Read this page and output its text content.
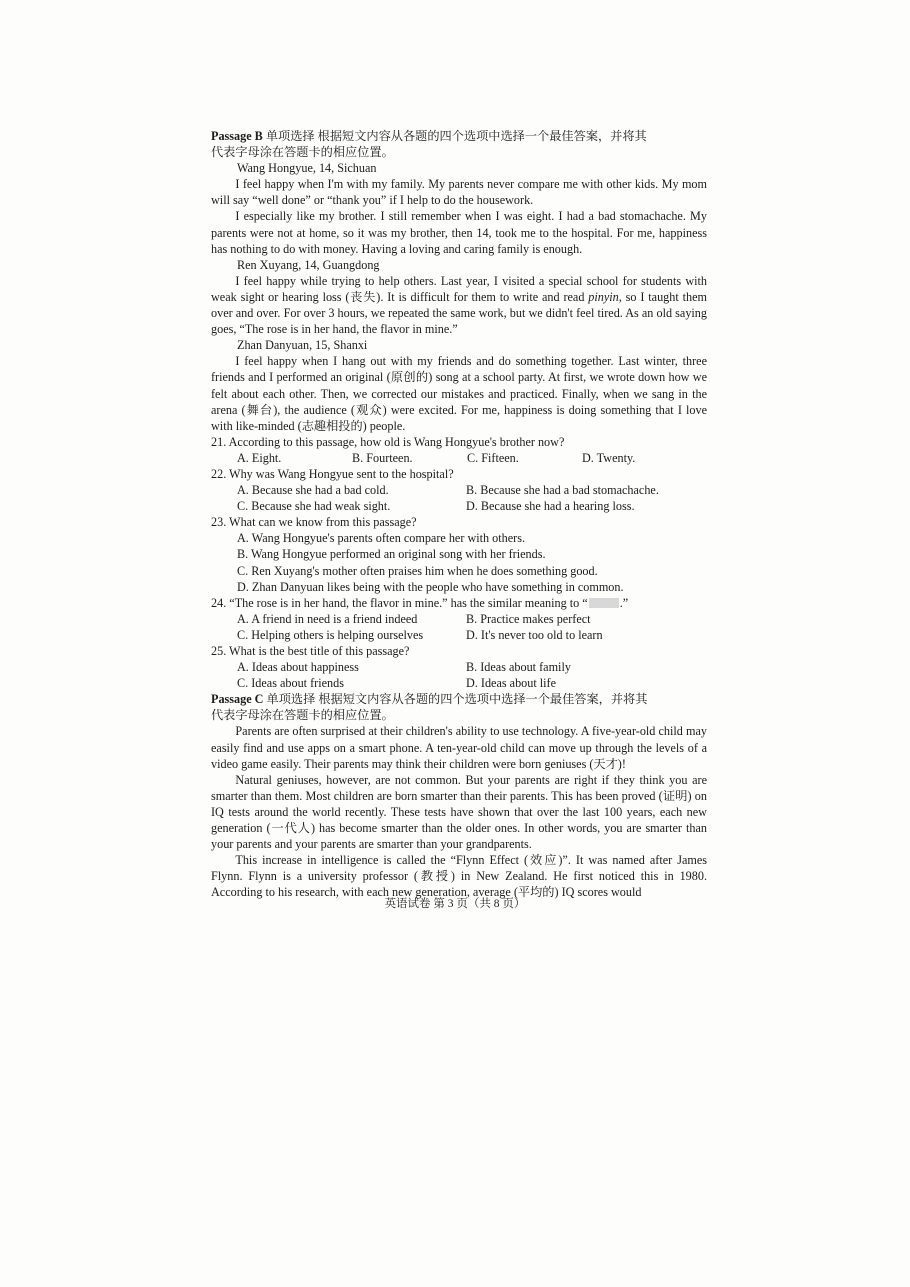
Passage B 单项选择 根据短文内容从各题的四个选项中选择一个最佳答案，并将其

代表字母涂在答题卡的相应位置。

Wang Hongyue, 14, Sichuan

I feel happy when I'm with my family. My parents never compare me with other kids. My mom will say “well done” or “thank you” if I help to do the housework.

I especially like my brother. I still remember when I was eight. I had a bad stomachache. My parents were not at home, so it was my brother, then 14, took me to the hospital. For me, happiness has nothing to do with money. Having a loving and caring family is enough.

Ren Xuyang, 14, Guangdong

I feel happy while trying to help others. Last year, I visited a special school for students with weak sight or hearing loss (丧失). It is difficult for them to write and read pinyin, so I taught them over and over. For over 3 hours, we repeated the same work, but we didn't feel tired. As an old saying goes, “The rose is in her hand, the flavor in mine.”

Zhan Danyuan, 15, Shanxi

I feel happy when I hang out with my friends and do something together. Last winter, three friends and I performed an original (原创的) song at a school party. At first, we wrote down how we felt about each other. Then, we corrected our mistakes and practiced. Finally, when we sang in the arena (舞台), the audience (观众) were excited. For me, happiness is doing something that I love with like-minded (志趣相投的) people.

21. According to this passage, how old is Wang Hongyue's brother now?

A. Eight.	B. Fourteen.	C. Fifteen.	D. Twenty.

22. Why was Wang Hongyue sent to the hospital?

A. Because she had a bad cold.	B. Because she had a bad stomachache.
C. Because she had weak sight.	D. Because she had a hearing loss.

23. What can we know from this passage?

A. Wang Hongyue's parents often compare her with others.

B. Wang Hongyue performed an original song with her friends.

C. Ren Xuyang's mother often praises him when he does something good.

D. Zhan Danyuan likes being with the people who have something in common.

24. “The rose is in her hand, the flavor in mine.” has the similar meaning to “	.”

A. A friend in need is a friend indeed	B. Practice makes perfect
C. Helping others is helping ourselves	D. It's never too old to learn

25. What is the best title of this passage?

A. Ideas about happiness	B. Ideas about family
C. Ideas about friends	D. Ideas about life

Passage C 单项选择 根据短文内容从各题的四个选项中选择一个最佳答案，并将其

代表字母涂在答题卡的相应位置。

Parents are often surprised at their children's ability to use technology. A five-year-old child may easily find and use apps on a smart phone. A ten-year-old child can move up through the levels of a video game easily. Their parents may think their children were born geniuses (天才)!

Natural geniuses, however, are not common. But your parents are right if they think you are smarter than them. Most children are born smarter than their parents. This has been proved (证明) on IQ tests around the world recently. These tests have shown that over the last 100 years, each new generation (一代人) has become smarter than the older ones. In other words, you are smarter than your parents and your parents are smarter than your grandparents.

This increase in intelligence is called the “Flynn Effect (效应)”. It was named after James Flynn. Flynn is a university professor (教授) in New Zealand. He first noticed this in 1980. According to his research, with each new generation, average (平均的) IQ scores would

英语试卷 第 3 页（共 8 页）
